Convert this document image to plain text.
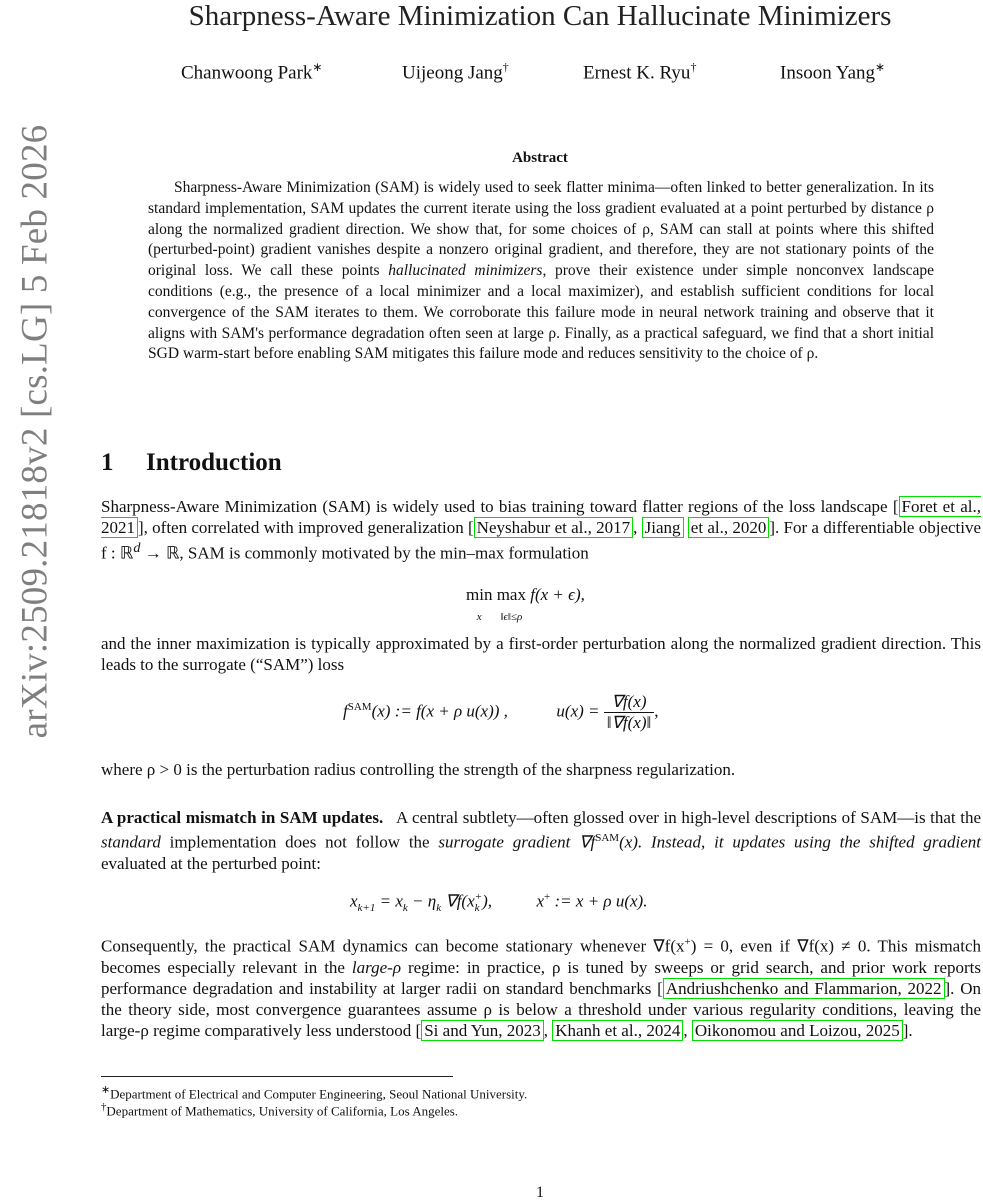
arXiv:2509.21818v2 [cs.LG] 5 Feb 2026
Sharpness-Aware Minimization Can Hallucinate Minimizers
Chanwoong Park∗	Uijeong Jang†	Ernest K. Ryu†	Insoon Yang∗
Abstract
Sharpness-Aware Minimization (SAM) is widely used to seek flatter minima—often linked to better generalization. In its standard implementation, SAM updates the current iterate using the loss gradient evaluated at a point perturbed by distance ρ along the normalized gradient direction. We show that, for some choices of ρ, SAM can stall at points where this shifted (perturbed-point) gradient vanishes despite a nonzero original gradient, and therefore, they are not stationary points of the original loss. We call these points hallucinated minimizers, prove their existence under simple nonconvex landscape conditions (e.g., the presence of a local minimizer and a local maximizer), and establish sufficient conditions for local convergence of the SAM iterates to them. We corroborate this failure mode in neural network training and observe that it aligns with SAM's performance degradation often seen at large ρ. Finally, as a practical safeguard, we find that a short initial SGD warm-start before enabling SAM mitigates this failure mode and reduces sensitivity to the choice of ρ.
1 Introduction
Sharpness-Aware Minimization (SAM) is widely used to bias training toward flatter regions of the loss landscape [ Foret et al., 2021 ], often correlated with improved generalization [ Neyshabur et al., 2017 , Jiang et al., 2020 ]. For a differentiable objective f : ℝ$^d$ → ℝ, SAM is commonly motivated by the min–max formulation
min
x max
‖ϵ‖≤ρ f(x + ϵ),
and the inner maximization is typically approximated by a first-order perturbation along the normalized gradient direction. This leads to the surrogate (“SAM”) loss
$f^{SAM}(x)$ := f(x + ρ u(x)) ,	$u(x) = \frac{\nabla f(x)}{‖\nabla f(x)‖}$ ,
where ρ > 0 is the perturbation radius controlling the strength of the sharpness regularization.
A practical mismatch in SAM updates. A central subtlety—often glossed over in high-level descriptions of SAM—is that the standard implementation does not follow the surrogate gradient $\nabla f^{SAM}(x)$. Instead, it updates using the shifted gradient evaluated at the perturbed point:
$x_{k+1} = x_k - \eta_k$ ∇f(x+
k ),	x+ := x + ρ u(x).
Consequently, the practical SAM dynamics can become stationary whenever ∇f(x+) = 0, even if ∇f(x) ≠ 0. This mismatch becomes especially relevant in the large-ρ regime: in practice, ρ is tuned by sweeps or grid search, and prior work reports performance degradation and instability at larger radii on standard benchmarks [ Andriushchenko and Flammarion, 2022 ]. On the theory side, most convergence guarantees assume ρ is below a threshold under various regularity conditions, leaving the large-ρ regime comparatively less understood [ Si and Yun, 2023 , Khanh et al., 2024 , Oikonomou and Loizou, 2025 ].
∗Department of Electrical and Computer Engineering, Seoul National University.
†Department of Mathematics, University of California, Los Angeles.
1
